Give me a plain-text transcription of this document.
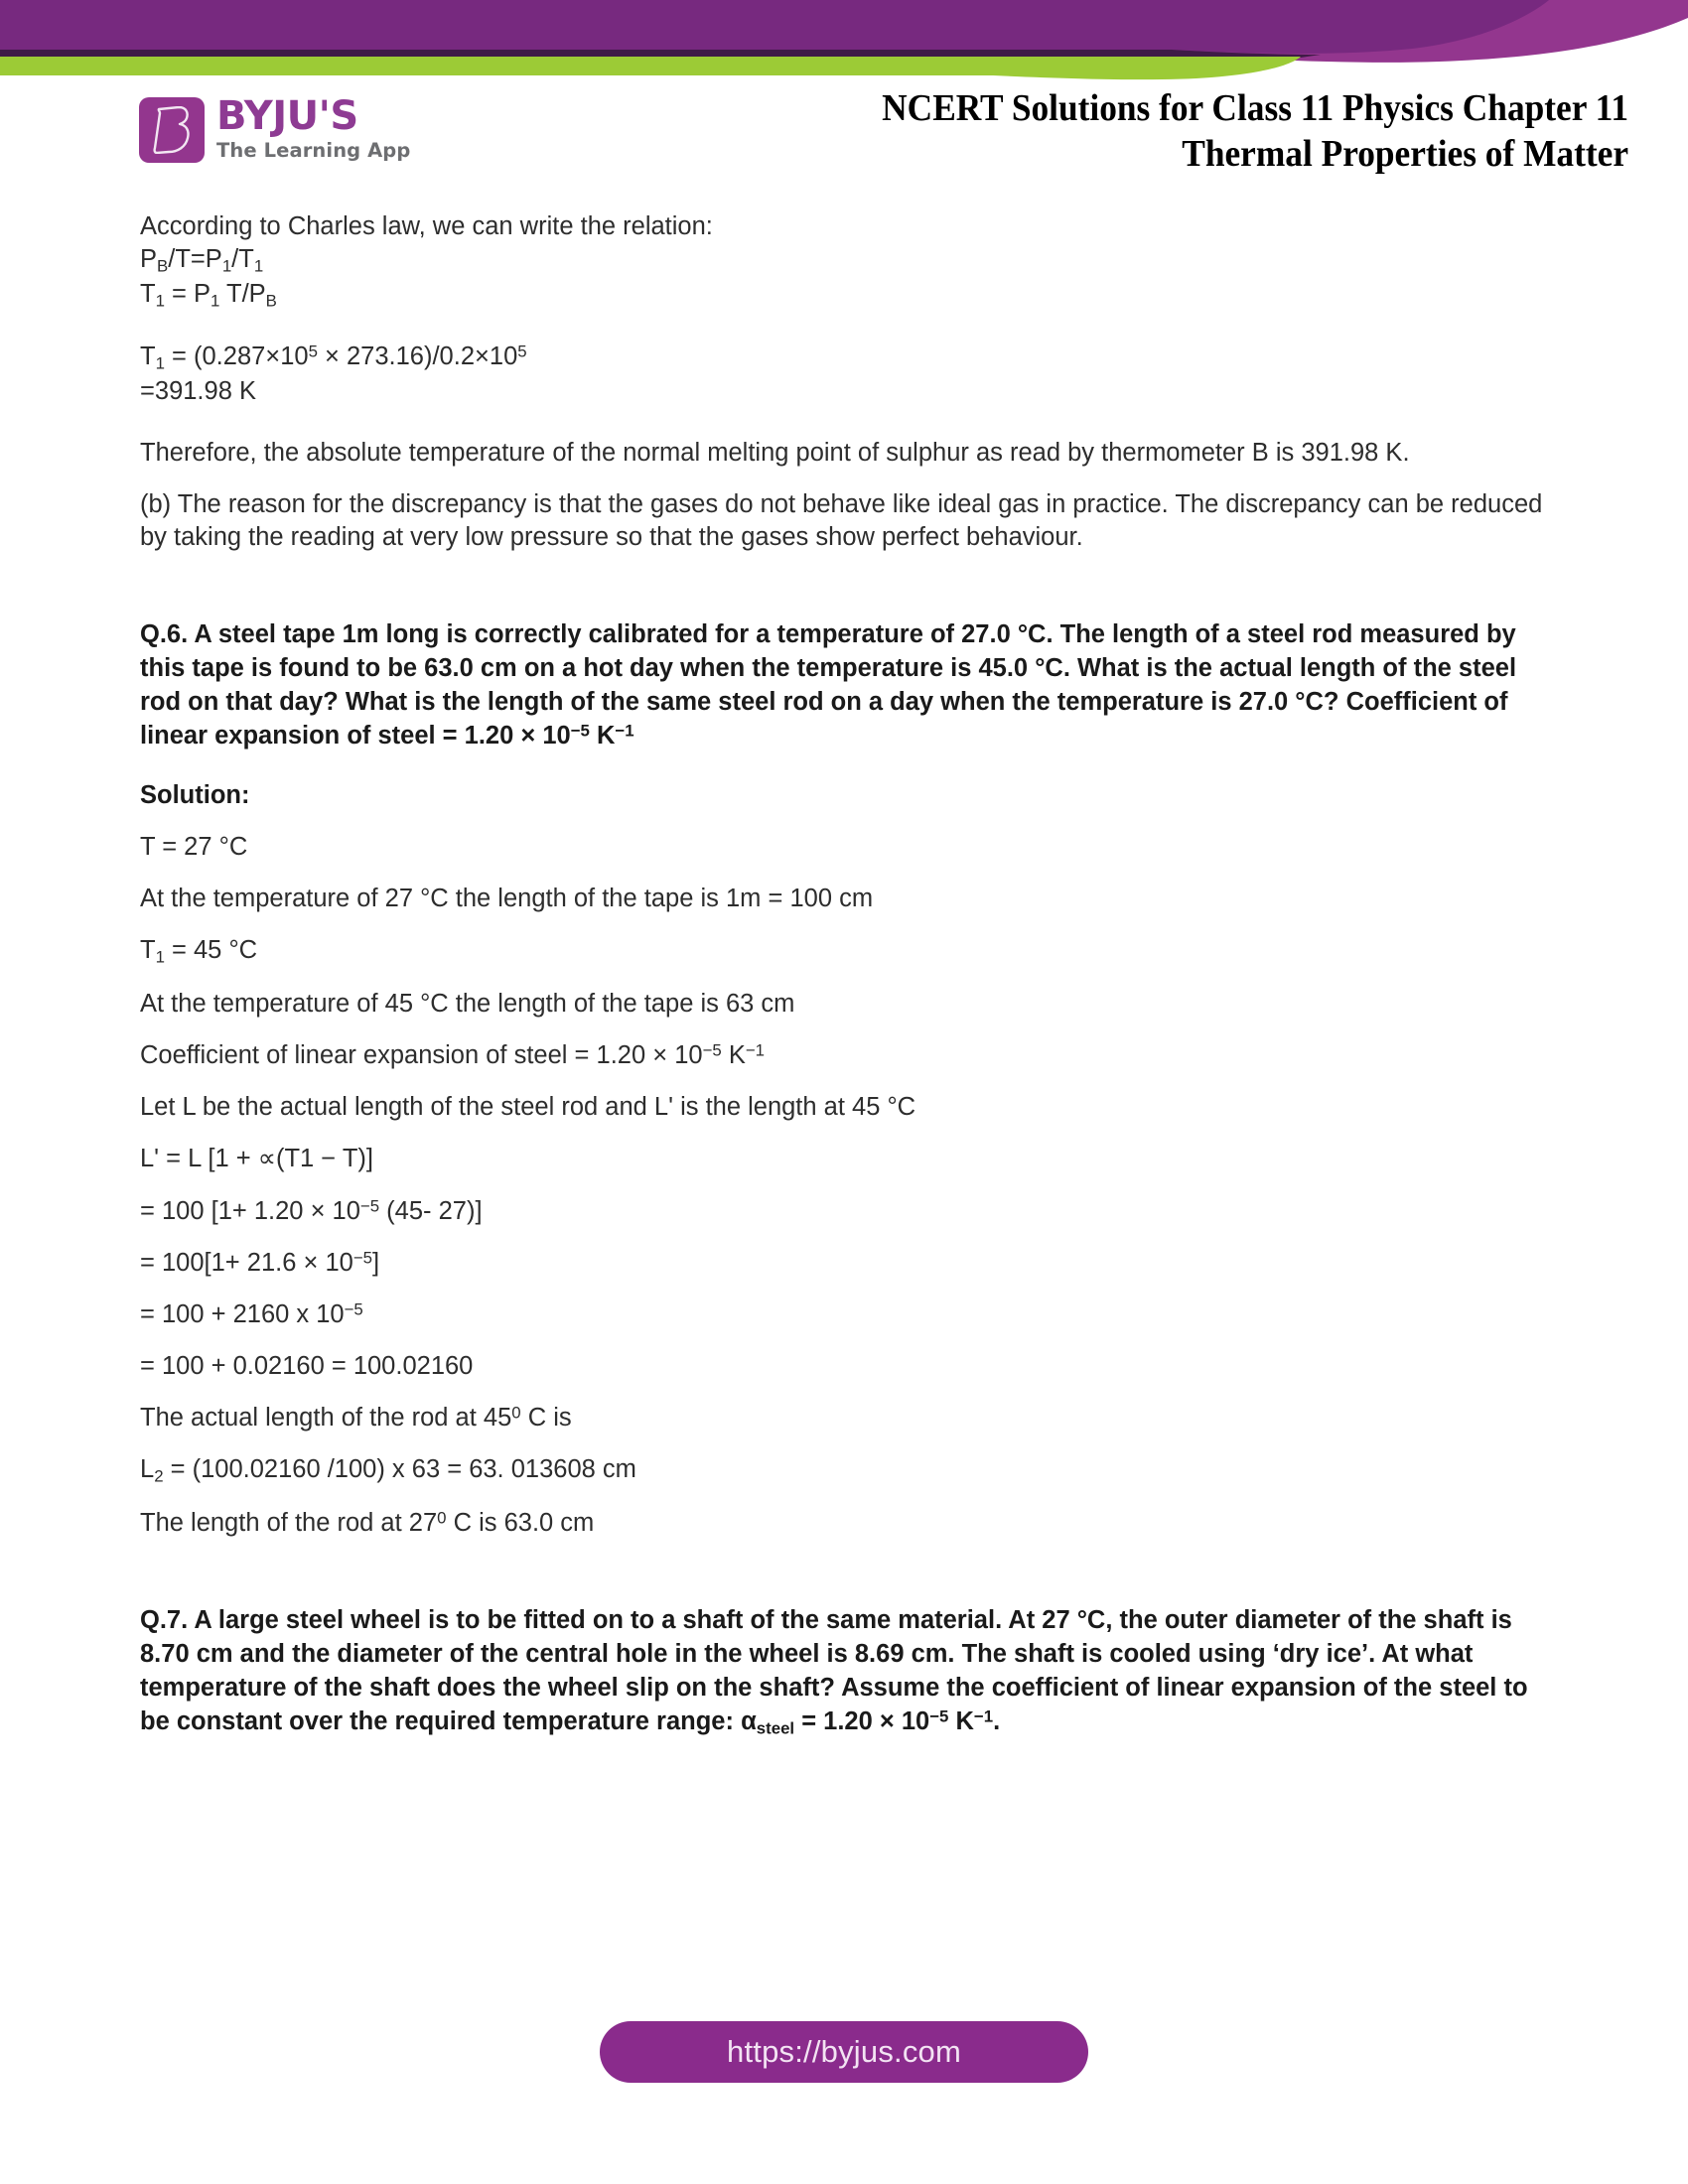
BYJU'S
The Learning App
NCERT Solutions for Class 11 Physics Chapter 11
Thermal Properties of Matter

According to Charles law, we can write the relation:

$P_B/T=P_1/T_1$

$T_1 = P_1$ $T/P_B$

$T_1 = (0.287\times 10^5 \times 273.16)/0.2\times 10^5$

=391.98 K

Therefore, the absolute temperature of the normal melting point of sulphur as read by thermometer B is 391.98 K.

(b) The reason for the discrepancy is that the gases do not behave like ideal gas in practice. The discrepancy can be reduced by taking the reading at very low pressure so that the gases show perfect behaviour.

Q.6. A steel tape 1m long is correctly calibrated for a temperature of 27.0 °C. The length of a steel rod measured by this tape is found to be 63.0 cm on a hot day when the temperature is 45.0 °C. What is the actual length of the steel rod on that day? What is the length of the same steel rod on a day when the temperature is 27.0 °C? Coefficient of linear expansion of steel = $1.20 \times 10^{-5}$ $K^{-1}$

Solution:

T = 27 °C

At the temperature of 27 °C the length of the tape is 1m = 100 cm

$T_1 = 45$ °C

At the temperature of 45 °C the length of the tape is 63 cm

Coefficient of linear expansion of steel = $1.20 \times 10^{-5}$ $K^{-1}$

Let L be the actual length of the steel rod and L' is the length at 45 °C

L' = L [1 + ∝(T1 − T)]

= 100 [$1+ 1.20 \times 10^{-5}$ (45- 27)]

= $100[1+ 21.6 \times 10^{-5}]$

= 100 + 2160 x $10^{-5}$

= 100 + 0.02160 = 100.02160

The actual length of the rod at $45^0$ C is

$L_2 = (100.02160$ /100) x 63 = 63. 013608 cm

The length of the rod at $27^0$ C is 63.0 cm

Q.7. A large steel wheel is to be fitted on to a shaft of the same material. At 27 °C, the outer diameter of the shaft is 8.70 cm and the diameter of the central hole in the wheel is 8.69 cm. The shaft is cooled using ‘dry ice’. At what temperature of the shaft does the wheel slip on the shaft? Assume the coefficient of linear expansion of the steel to be constant over the required temperature range: $\alpha_{steel} = 1.20 \times 10^{-5}$ $K^{-1}$.

https://byjus.com
